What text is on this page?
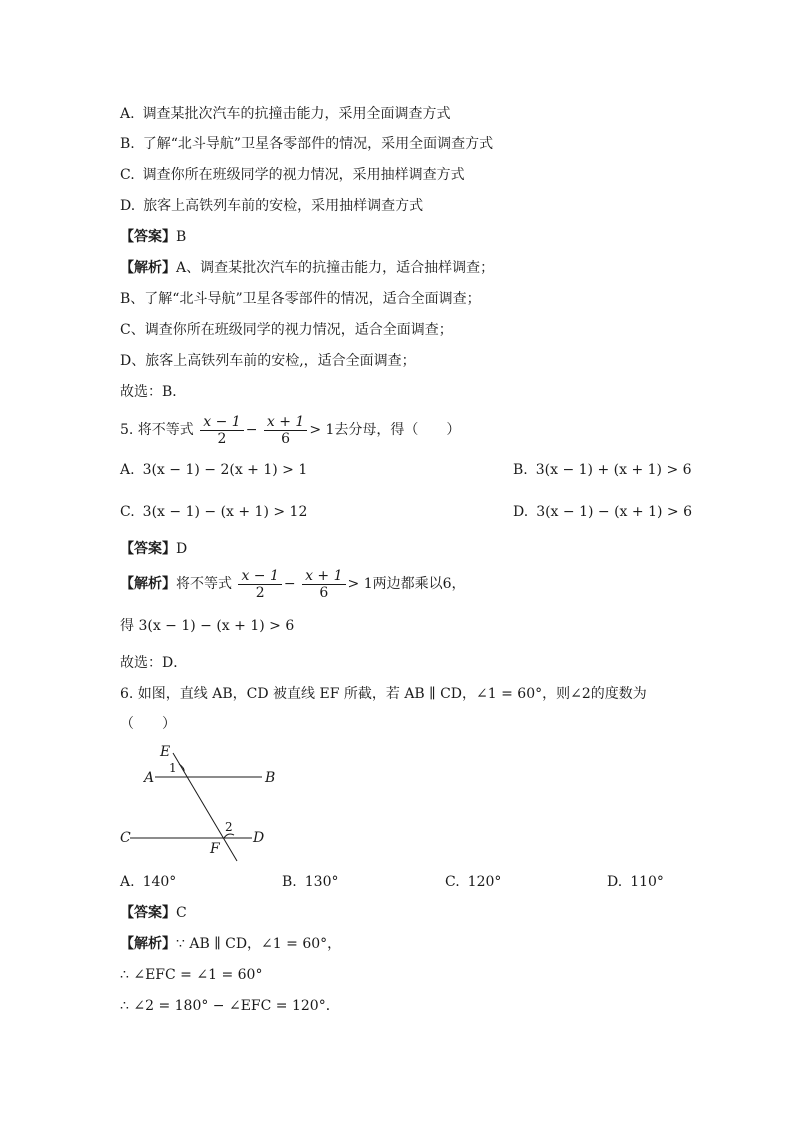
A. 调查某批次汽车的抗撞击能力，采用全面调查方式
B. 了解“北斗导航”卫星各零部件的情况，采用全面调查方式
C. 调查你所在班级同学的视力情况，采用抽样调查方式
D. 旅客上高铁列车前的安检，采用抽样调查方式
【答案】B
【解析】A、调查某批次汽车的抗撞击能力，适合抽样调查；
B、了解“北斗导航”卫星各零部件的情况，适合全面调查；
C、调查你所在班级同学的视力情况，适合全面调查；
D、旅客上高铁列车前的安检,，适合全面调查；
故选：B．
5. 将不等式 $\frac{x - 1}{2} - \frac{x + 1}{6} > 1$去分母，得（　　）
A. 3(x − 1) − 2(x + 1) > 1	B. 3(x − 1) + (x + 1) > 6
C. 3(x − 1) − (x + 1) > 12	D. 3(x − 1) − (x + 1) > 6
【答案】D
【解析】将不等式 $\frac{x - 1}{2} - \frac{x + 1}{6} > 1$两边都乘以6，
得 3(x − 1) − (x + 1) > 6
故选：D．
6. 如图，直线 AB，CD 被直线 EF 所截，若 AB ∥ CD，∠1 = 60°，则∠2的度数为
（　　）
E
A	B
C	D
F
1
2
A. 140°	B. 130°	C. 120°	D. 110°
【答案】C
【解析】∵ AB ∥ CD，∠1 = 60°，
∴ ∠EFC = ∠1 = 60°
∴ ∠2 = 180° − ∠EFC = 120°．
